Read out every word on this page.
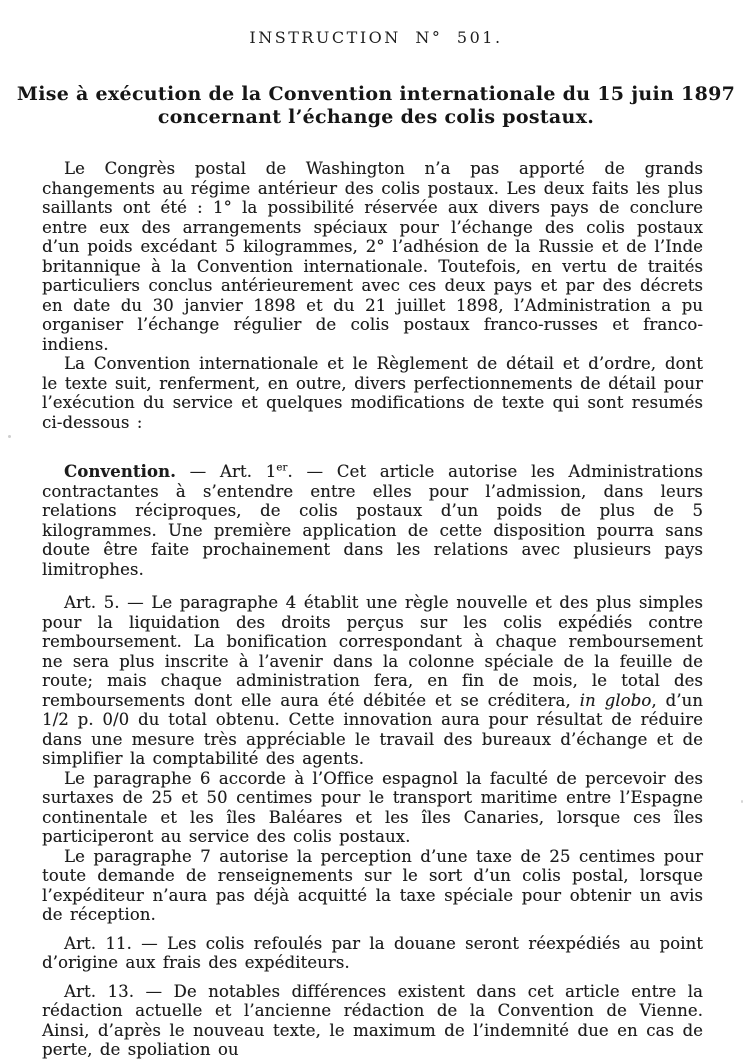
INSTRUCTION N° 501.
Mise à exécution de la Convention internationale du 15 juin 1897
concernant l’échange des colis postaux.

Le Congrès postal de Washington n’a pas apporté de grands changements au régime antérieur des colis postaux. Les deux faits les plus saillants ont été : 1° la possibilité réservée aux divers pays de conclure entre eux des arrangements spéciaux pour l’échange des colis postaux d’un poids excédant 5 kilogrammes, 2° l’adhésion de la Russie et de l’Inde britannique à la Convention internationale. Toutefois, en vertu de traités particuliers conclus antérieurement avec ces deux pays et par des décrets en date du 30 janvier 1898 et du 21 juillet 1898, l’Administration a pu organiser l’échange régulier de colis postaux franco-russes et franco-indiens.

La Convention internationale et le Règlement de détail et d’ordre, dont le texte suit, renferment, en outre, divers perfectionnements de détail pour l’exécution du service et quelques modifications de texte qui sont resumés ci-dessous :

Convention. — Art. 1er. — Cet article autorise les Administrations contractantes à s’entendre entre elles pour l’admission, dans leurs relations réciproques, de colis postaux d’un poids de plus de 5 kilogrammes. Une première application de cette disposition pourra sans doute être faite prochainement dans les relations avec plusieurs pays limitrophes.

Art. 5. — Le paragraphe 4 établit une règle nouvelle et des plus simples pour la liquidation des droits perçus sur les colis expédiés contre remboursement. La bonification correspondant à chaque remboursement ne sera plus inscrite à l’avenir dans la colonne spéciale de la feuille de route; mais chaque administration fera, en fin de mois, le total des remboursements dont elle aura été débitée et se créditera, in globo, d’un 1/2 p. 0/0 du total obtenu. Cette innovation aura pour résultat de réduire dans une mesure très appréciable le travail des bureaux d’échange et de simplifier la comptabilité des agents.

Le paragraphe 6 accorde à l’Office espagnol la faculté de percevoir des surtaxes de 25 et 50 centimes pour le transport maritime entre l’Espagne continentale et les îles Baléares et les îles Canaries, lorsque ces îles participeront au service des colis postaux.

Le paragraphe 7 autorise la perception d’une taxe de 25 centimes pour toute demande de renseignements sur le sort d’un colis postal, lorsque l’expéditeur n’aura pas déjà acquitté la taxe spéciale pour obtenir un avis de réception.

Art. 11. — Les colis refoulés par la douane seront réexpédiés au point d’origine aux frais des expéditeurs.

Art. 13. — De notables différences existent dans cet article entre la rédaction actuelle et l’ancienne rédaction de la Convention de Vienne. Ainsi, d’après le nouveau texte, le maximum de l’indemnité due en cas de perte, de spoliation ou
